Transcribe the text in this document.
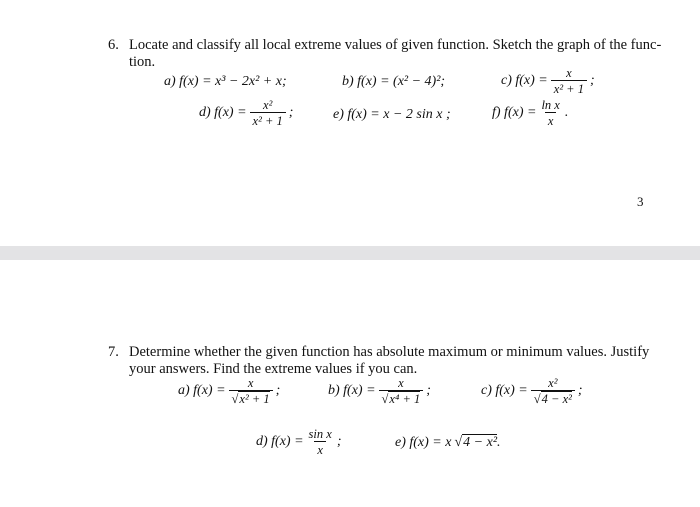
6. Locate and classify all local extreme values of given function. Sketch the graph of the func-
tion.
a) f(x) = x³ − 2x² + x;	b) f(x) = (x² − 4)²;	c) $f(x) = \frac{x}{\text{x² + 1}}$ ;
d) $f(x) = \frac{\text{x²}}{\text{x² + 1}}$ ;	e) f(x) = x − 2 sin x ;	f) $f(x) = \frac{\text{ln x}}{x}$ .
3
7. Determine whether the given function has absolute maximum or minimum values. Justify
your answers. Find the extreme values if you can.
a) $f(x) = \frac{x}{\text{√x² + 1}}$ ;	b) $f(x) = \frac{x}{\text{√x⁴ + 1}}$ ;	c) $f(x) = \frac{\text{x²}}{\text{√4 − x²}}$ ;
d) $f(x) = \frac{\text{sin x}}{x}$ ;	e) f(x) = x √4 − x² .
